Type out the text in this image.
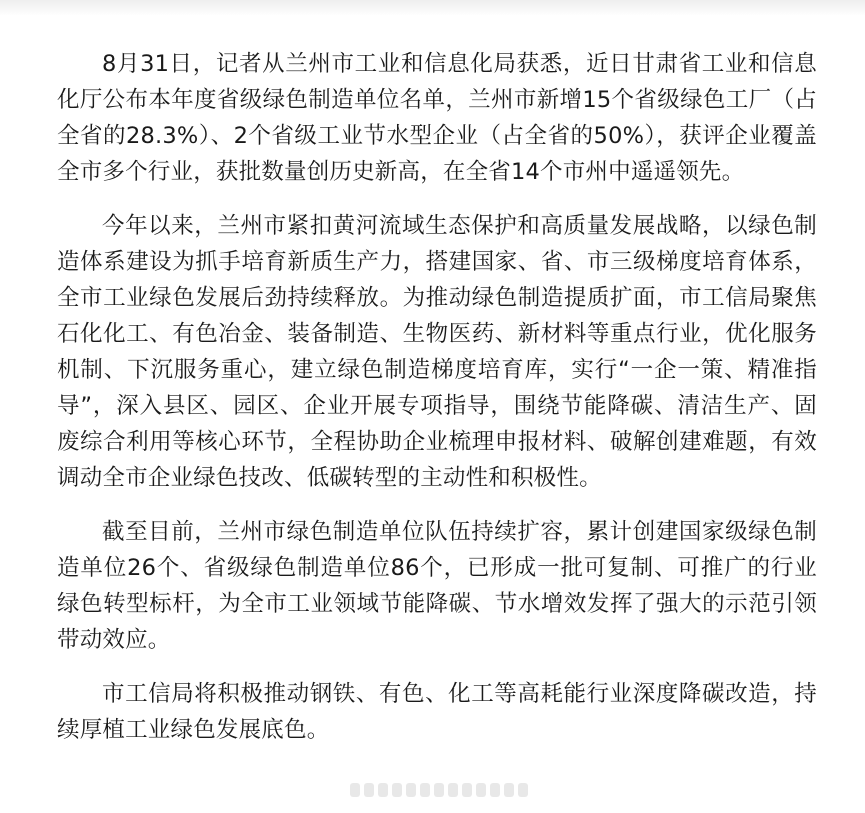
8月31日，记者从兰州市工业和信息化局获悉，近日甘肃省工业和信息化厅公布本年度省级绿色制造单位名单，兰州市新增15个省级绿色工厂（占全省的28.3%）、2个省级工业节水型企业（占全省的50%），获评企业覆盖全市多个行业，获批数量创历史新高，在全省14个市州中遥遥领先。

今年以来，兰州市紧扣黄河流域生态保护和高质量发展战略，以绿色制造体系建设为抓手培育新质生产力，搭建国家、省、市三级梯度培育体系，全市工业绿色发展后劲持续释放。为推动绿色制造提质扩面，市工信局聚焦石化化工、有色冶金、装备制造、生物医药、新材料等重点行业，优化服务机制、下沉服务重心，建立绿色制造梯度培育库，实行“一企一策、精准指导”，深入县区、园区、企业开展专项指导，围绕节能降碳、清洁生产、固废综合利用等核心环节，全程协助企业梳理申报材料、破解创建难题，有效调动全市企业绿色技改、低碳转型的主动性和积极性。

截至目前，兰州市绿色制造单位队伍持续扩容，累计创建国家级绿色制造单位26个、省级绿色制造单位86个，已形成一批可复制、可推广的行业绿色转型标杆，为全市工业领域节能降碳、节水增效发挥了强大的示范引领带动效应。

市工信局将积极推动钢铁、有色、化工等高耗能行业深度降碳改造，持续厚植工业绿色发展底色。
